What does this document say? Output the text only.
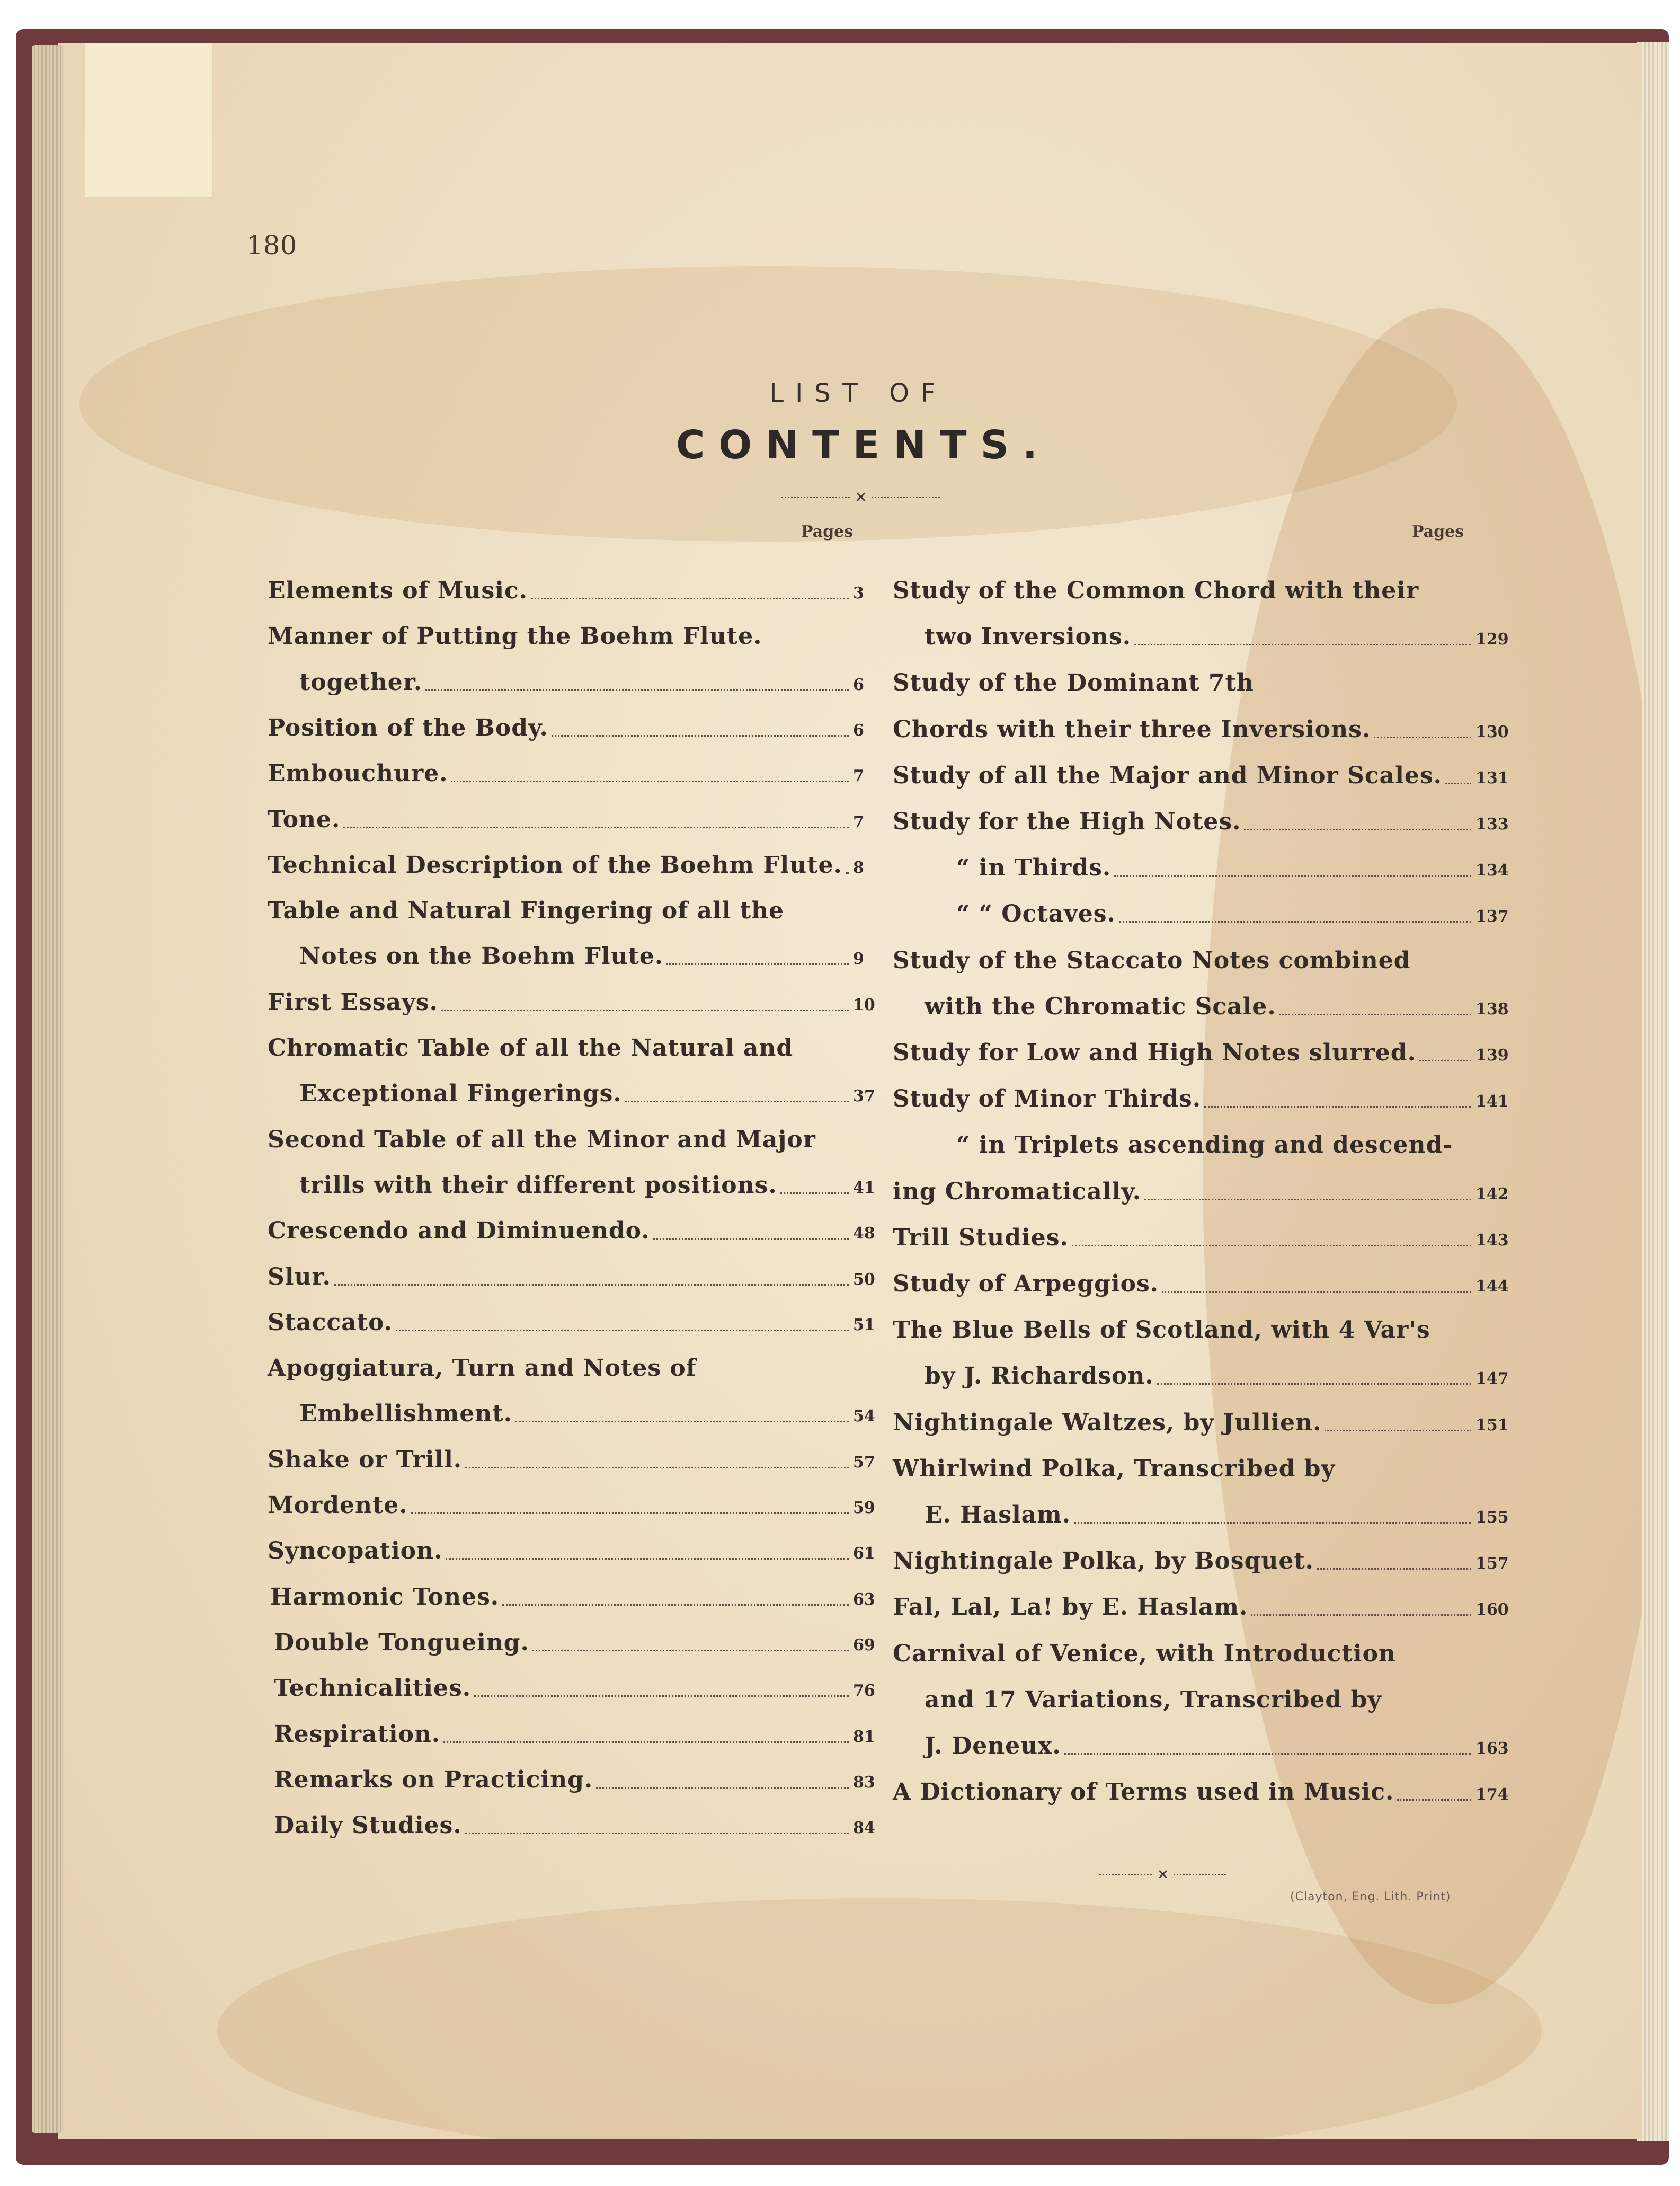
180
LIST OF
CONTENTS.
✕
Pages	Pages
Elements of Music.	3
Manner of Putting the Boehm Flute.
together.	6
Position of the Body.	6
Embouchure.	7
Tone.	7
Technical Description of the Boehm Flute. 8
Table and Natural Fingering of all the
Notes on the Boehm Flute.	9
First Essays.	10
Chromatic Table of all the Natural and
Exceptional Fingerings.	37
Second Table of all the Minor and Major
trills with their different positions.	41
Crescendo and Diminuendo.	48
Slur.	50
Staccato.	51
Apoggiatura, Turn and Notes of
Embellishment.	54
Shake or Trill.	57
Mordente.	59
Syncopation.	61
Harmonic Tones.	63
Double Tongueing.	69
Technicalities.	76
Respiration.	81
Remarks on Practicing.	83
Daily Studies.	84
Study of the Common Chord with their
two Inversions.	129
Study of the Dominant 7th
Chords with their three Inversions.	130
Study of all the Major and Minor Scales. 131
Study for the High Notes.	133
“ in Thirds.	134
“ “ Octaves.	137
Study of the Staccato Notes combined
with the Chromatic Scale.	138
Study for Low and High Notes slurred.	139
Study of Minor Thirds.	141
“ in Triplets ascending and descend-
ing Chromatically.	142
Trill Studies.	143
Study of Arpeggios.	144
The Blue Bells of Scotland, with 4 Var's
by J. Richardson.	147
Nightingale Waltzes, by Jullien.	151
Whirlwind Polka, Transcribed by
E. Haslam.	155
Nightingale Polka, by Bosquet.	157
Fal, Lal, La! by E. Haslam.	160
Carnival of Venice, with Introduction
and 17 Variations, Transcribed by
J. Deneux.	163
A Dictionary of Terms used in Music.	174
✕
(Clayton, Eng. Lith. Print)
